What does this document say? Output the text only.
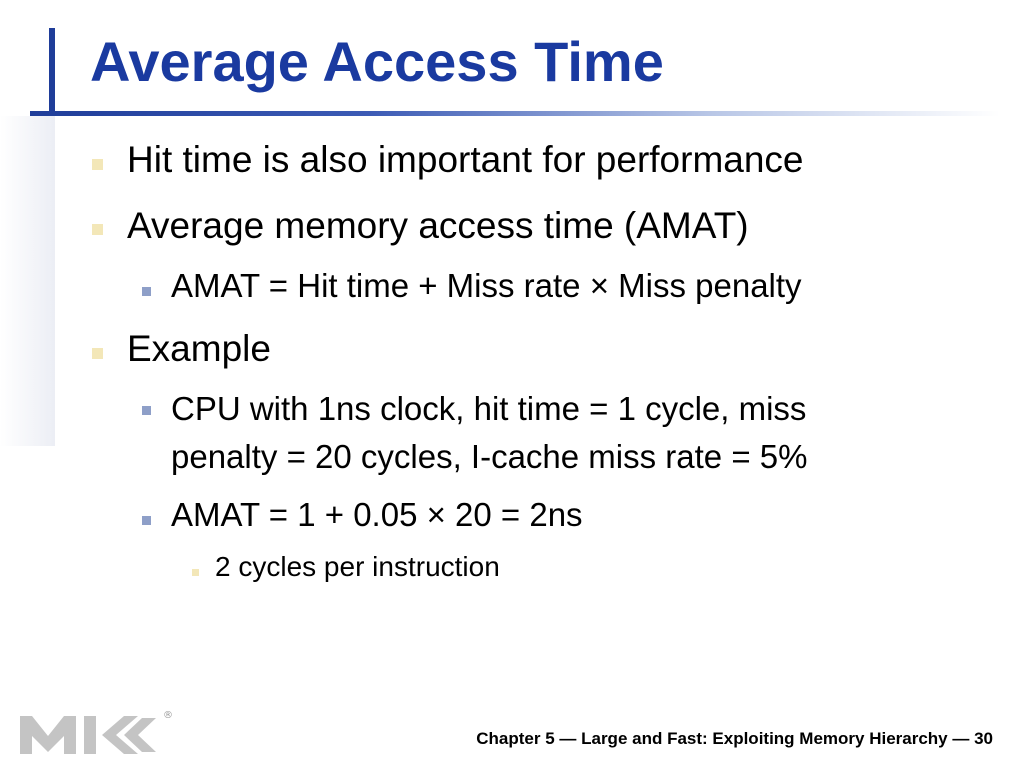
Average Access Time
Hit time is also important for performance
Average memory access time (AMAT)
AMAT = Hit time + Miss rate × Miss penalty
Example
CPU with 1ns clock, hit time = 1 cycle, miss
penalty = 20 cycles, I-cache miss rate = 5%
AMAT = 1 + 0.05 × 20 = 2ns
2 cycles per instruction
®
Chapter 5 — Large and Fast: Exploiting Memory Hierarchy — 30
